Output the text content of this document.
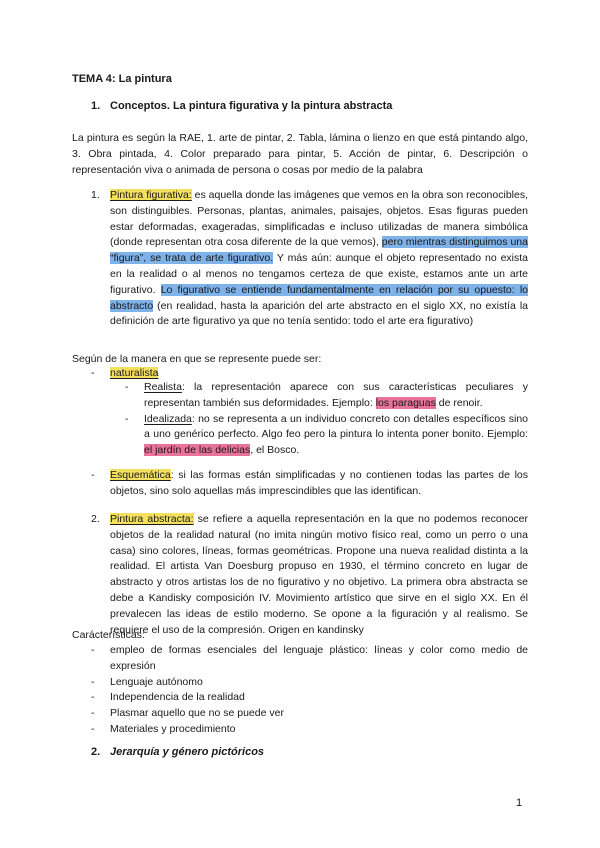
TEMA 4: La pintura

1. Conceptos. La pintura figurativa y la pintura abstracta

La pintura es según la RAE, 1. arte de pintar, 2. Tabla, lámina o lienzo en que está pintando algo, 3. Obra pintada, 4. Color preparado para pintar, 5. Acción de pintar, 6. Descripción o representación viva o animada de persona o cosas por medio de la palabra

1. Pintura figurativa: es aquella donde las imágenes que vemos en la obra son reconocibles, son distinguibles. Personas, plantas, animales, paisajes, objetos. Esas figuras pueden estar deformadas, exageradas, simplificadas e incluso utilizadas de manera simbólica (donde representan otra cosa diferente de la que vemos), pero mientras distinguimos una “figura”, se trata de arte figurativo. Y más aún: aunque el objeto representado no exista en la realidad o al menos no tengamos certeza de que existe, estamos ante un arte figurativo. Lo figurativo se entiende fundamentalmente en relación por su opuesto: lo abstracto (en realidad, hasta la aparición del arte abstracto en el siglo XX, no existía la definición de arte figurativo ya que no tenía sentido: todo el arte era figurativo)

Según de la manera en que se represente puede ser:

- naturalista
- Realista: la representación aparece con sus características peculiares y representan también sus deformidades. Ejemplo: los paraguas de renoir.
- Idealizada: no se representa a un individuo concreto con detalles específicos sino a uno genérico perfecto. Algo feo pero la pintura lo intenta poner bonito. Ejemplo: el jardín de las delicias, el Bosco.
- Esquemática: si las formas están simplificadas y no contienen todas las partes de los objetos, sino solo aquellas más imprescindibles que las identifican.
2. Pintura abstracta: se refiere a aquella representación en la que no podemos reconocer objetos de la realidad natural (no imita ningún motivo físico real, como un perro o una casa) sino colores, líneas, formas geométricas. Propone una nueva realidad distinta a la realidad. El artista Van Doesburg propuso en 1930, el término concreto en lugar de abstracto y otros artistas los de no figurativo y no objetivo. La primera obra abstracta se debe a Kandisky composición IV. Movimiento artístico que sirve en el siglo XX. En él prevalecen las ideas de estilo moderno. Se opone a la figuración y al realismo. Se requiere el uso de la compresión. Origen en kandinsky

Carácterísticas:

- empleo de formas esenciales del lenguaje plástico: líneas y color como medio de expresión
- Lenguaje autónomo
- Independencia de la realidad
- Plasmar aquello que no se puede ver
- Materiales y procedimiento

2. Jerarquía y género pictóricos

1
